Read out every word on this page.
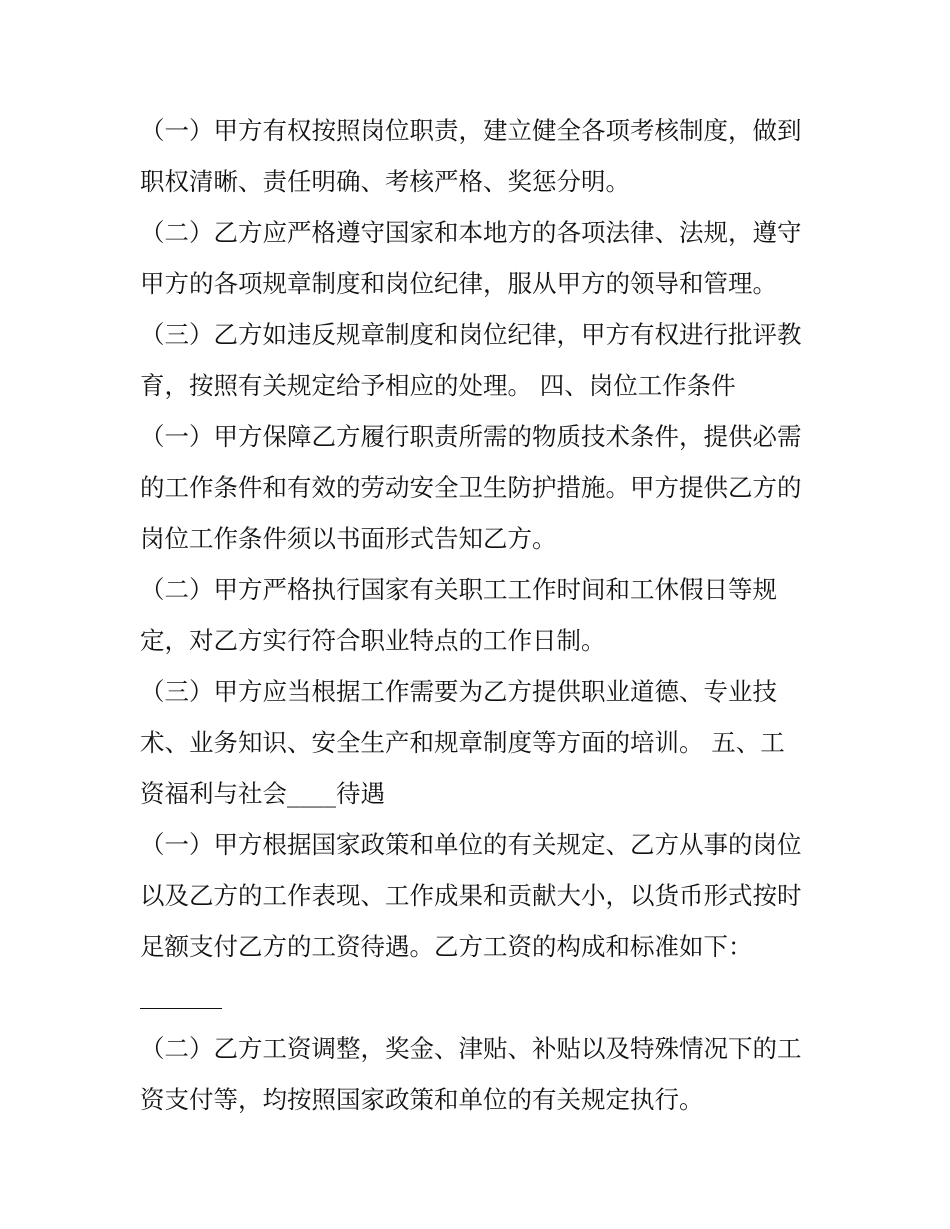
（一）甲方有权按照岗位职责，建立健全各项考核制度，做到
职权清晰、责任明确、考核严格、奖惩分明。

（二）乙方应严格遵守国家和本地方的各项法律、法规，遵守
甲方的各项规章制度和岗位纪律，服从甲方的领导和管理。

（三）乙方如违反规章制度和岗位纪律，甲方有权进行批评教
育，按照有关规定给予相应的处理。 四、岗位工作条件

（一）甲方保障乙方履行职责所需的物质技术条件，提供必需
的工作条件和有效的劳动安全卫生防护措施。甲方提供乙方的
岗位工作条件须以书面形式告知乙方。

（二）甲方严格执行国家有关职工工作时间和工休假日等规
定，对乙方实行符合职业特点的工作日制。

（三）甲方应当根据工作需要为乙方提供职业道德、专业技
术、业务知识、安全生产和规章制度等方面的培训。 五、工
资福利与社会____待遇

（一）甲方根据国家政策和单位的有关规定、乙方从事的岗位
以及乙方的工作表现、工作成果和贡献大小，以货币形式按时
足额支付乙方的工资待遇。乙方工资的构成和标准如下：

（二）乙方工资调整，奖金、津贴、补贴以及特殊情况下的工
资支付等，均按照国家政策和单位的有关规定执行。
